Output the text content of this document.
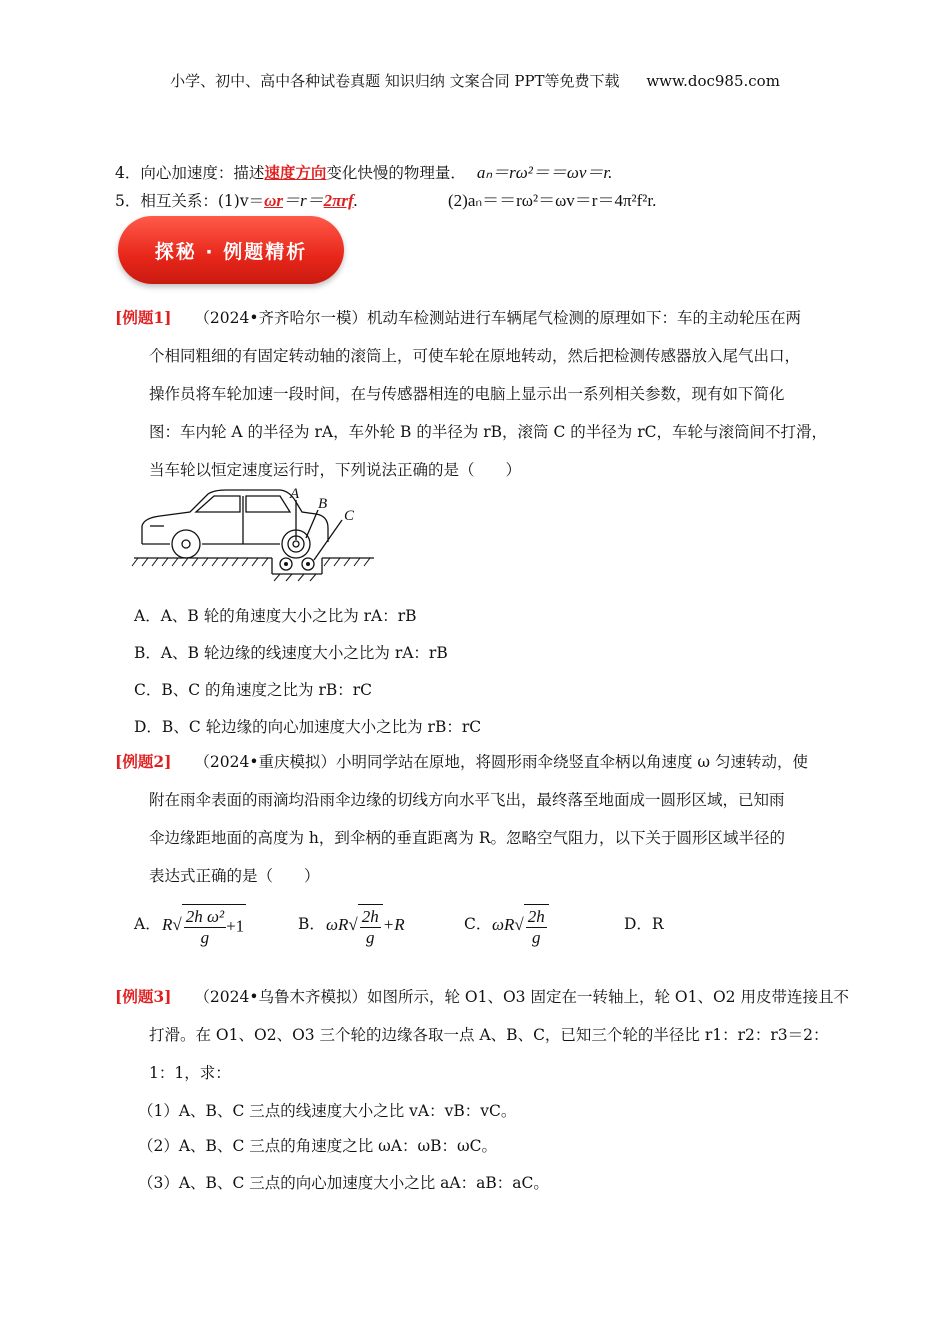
小学、初中、高中各种试卷真题 知识归纳 文案合同 PPT等免费下载 www.doc985.com
4．向心加速度：描述速度方向变化快慢的物理量． aₙ＝rω²＝＝ωv＝r.
5．相互关系：(1)v＝ωr＝r＝2πrf.	(2)aₙ＝＝rω²＝ωv＝r＝4π²f²r.
探秘 · 例题精析
[例题1] （2024•齐齐哈尔一模）机动车检测站进行车辆尾气检测的原理如下：车的主动轮压在两
个相同粗细的有固定转动轴的滚筒上，可使车轮在原地转动，然后把检测传感器放入尾气出口，
操作员将车轮加速一段时间，在与传感器相连的电脑上显示出一系列相关参数，现有如下简化
图：车内轮 A 的半径为 rA，车外轮 B 的半径为 rB，滚筒 C 的半径为 rC，车轮与滚筒间不打滑，
当车轮以恒定速度运行时，下列说法正确的是（　　）
A
B
C
A．A、B 轮的角速度大小之比为 rA：rB
B．A、B 轮边缘的线速度大小之比为 rA：rB
C．B、C 的角速度之比为 rB：rC
D．B、C 轮边缘的向心加速度大小之比为 rB：rC
[例题2] （2024•重庆模拟）小明同学站在原地，将圆形雨伞绕竖直伞柄以角速度 ω 匀速转动，使
附在雨伞表面的雨滴均沿雨伞边缘的切线方向水平飞出，最终落至地面成一圆形区域，已知雨
伞边缘距地面的高度为 h，到伞柄的垂直距离为 R。忽略空气阻力，以下关于圆形区域半径的
表达式正确的是（　　）
A． $R√ \frac{\text{2h ω²}}{g} +1$	B． $\omega R√ \frac{2h}{g} +R$	C． $\omega R√ \frac{2h}{g}$	D．R
[例题3] （2024•乌鲁木齐模拟）如图所示，轮 O1、O3 固定在一转轴上，轮 O1、O2 用皮带连接且不
打滑。在 O1、O2、O3 三个轮的边缘各取一点 A、B、C，已知三个轮的半径比 r1：r2：r3＝2：
1：1，求：
（1）A、B、C 三点的线速度大小之比 vA：vB：vC。
（2）A、B、C 三点的角速度之比 ωA：ωB：ωC。
（3）A、B、C 三点的向心加速度大小之比 aA：aB：aC。
